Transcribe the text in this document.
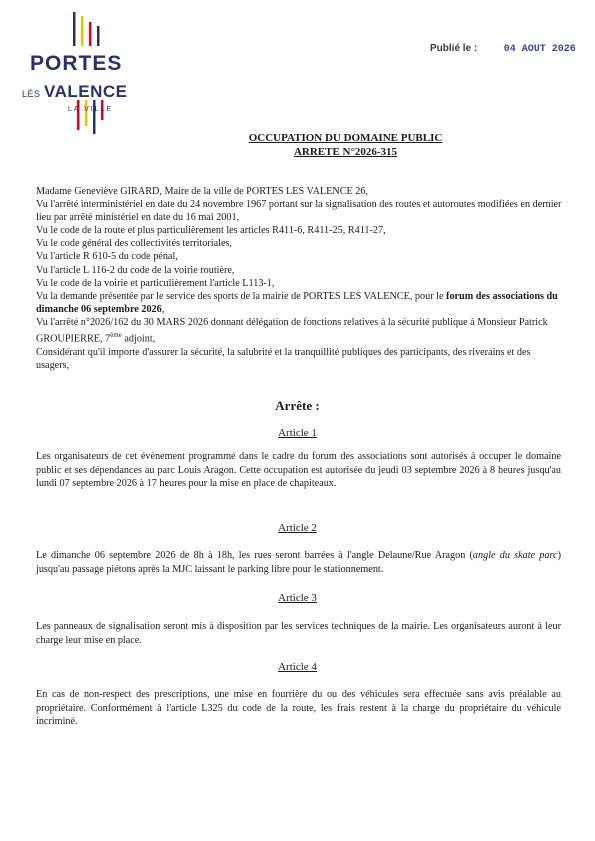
PORTES
LÈS VALENCE
LA VILLE
Publié le :	04 AOUT 2026
OCCUPATION DU DOMAINE PUBLIC
ARRETE N°2026-315

Madame Geneviève GIRARD, Maire de la ville de PORTES LES VALENCE 26,

Vu l'arrêté interministériel en date du 24 novembre 1967 portant sur la signalisation des routes et autoroutes modifiées en dernier lieu par arrêté ministériel en date du 16 mai 2001,

Vu le code de la route et plus particulièrement les articles R411-6, R411-25, R411-27,

Vu le code général des collectivités territoriales,

Vu l'article R 610-5 du code pénal,

Vu l'article L 116-2 du code de la voirie routière,

Vu le code de la voirie et particulièrement l'article L113-1,

Vu la demande présentée par le service des sports de la mairie de PORTES LES VALENCE, pour le forum des associations du dimanche 06 septembre 2026,

Vu l'arrêté n°2026/162 du 30 MARS 2026 donnant délégation de fonctions relatives à la sécurité publique à Monsieur Patrick GROUPIERRE, 7ème adjoint,

Considérant qu'il importe d'assurer la sécurité, la salubrité et la tranquillité publiques des participants, des riverains et des usagers,

Arrête :
Article 1

Les organisateurs de cet évènement programmé dans le cadre du forum des associations sont autorisés à occuper le domaine public et ses dépendances au parc Louis Aragon. Cette occupation est autorisée du jeudi 03 septembre 2026 à 8 heures jusqu'au lundi 07 septembre 2026 à 17 heures pour la mise en place de chapiteaux.

Article 2

Le dimanche 06 septembre 2026 de 8h à 18h, les rues seront barrées à l'angle Delaune/Rue Aragon (angle du skate parc) jusqu'au passage piétons après la MJC laissant le parking libre pour le stationnement.

Article 3

Les panneaux de signalisation seront mis à disposition par les services techniques de la mairie. Les organisateurs auront à leur charge leur mise en place.

Article 4

En cas de non-respect des prescriptions, une mise en fourrière du ou des véhicules sera effectuée sans avis préalable au propriétaire. Conformément à l'article L325 du code de la route, les frais restent à la charge du propriétaire du véhicule incriminé.
